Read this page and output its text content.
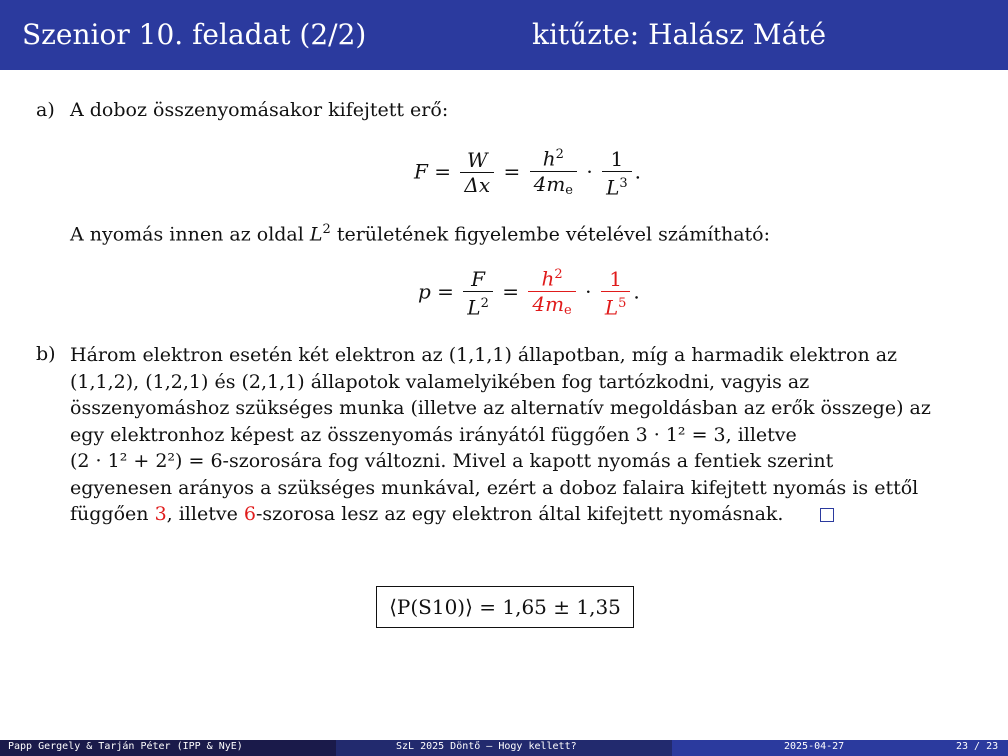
Szenior 10. feladat (2/2)	kitűzte: Halász Máté
a) A doboz összenyomásakor kifejtett erő:
$F = \frac{W}{\Delta x} = \frac{h^2}{4m_e} \cdot \frac{1}{L^3}$ .
A nyomás innen az oldal $L^2$ területének figyelembe vételével számítható:
$p = \frac{F}{L^2} = \frac{h^2}{4m_e} \cdot \frac{1}{L^5}$ .
b) Három elektron esetén két elektron az (1,1,1) állapotban, míg a harmadik elektron az
(1,1,2), (1,2,1) és (2,1,1) állapotok valamelyikében fog tartózkodni, vagyis az
összenyomáshoz szükséges munka (illetve az alternatív megoldásban az erők összege) az
egy elektronhoz képest az összenyomás irányától függően 3 · 1² = 3, illetve
(2 · 1² + 2²) = 6-szorosára fog változni. Mivel a kapott nyomás a fentiek szerint
egyenesen arányos a szükséges munkával, ezért a doboz falaira kifejtett nyomás is ettől
függően 3, illetve 6-szorosa lesz az egy elektron által kifejtett nyomásnak.
⟨P(S10)⟩ = 1,65 ± 1,35
Papp Gergely & Tarján Péter (IPP & NyE)	SzL 2025 Döntő – Hogy kellett?	2025-04-27	23 / 23
